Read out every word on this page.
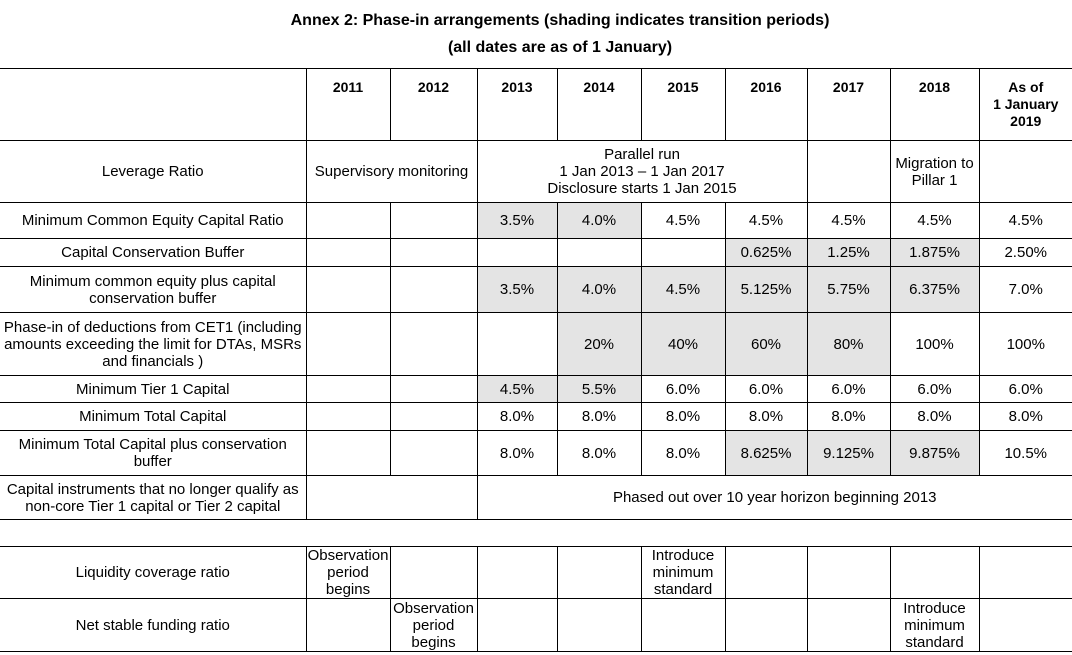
Annex 2: Phase-in arrangements (shading indicates transition periods)
(all dates are as of 1 January)
	2011	2012	2013	2014	2015	2016	2017	2018	As of
1 January
2019

Leverage Ratio	Supervisory monitoring		Parallel run
1 Jan 2013 – 1 Jan 2017
Disclosure starts 1 Jan 2015					Migration to
Pillar 1	

Minimum Common Equity Capital Ratio			3.5%	4.0%	4.5%	4.5%	4.5%	4.5%	4.5%
Capital Conservation Buffer						0.625%	1.25%	1.875%	2.50%
Minimum common equity plus capital conservation buffer			3.5%	4.0%	4.5%	5.125%	5.75%	6.375%	7.0%
Phase-in of deductions from CET1 (including amounts exceeding the limit for DTAs, MSRs and financials )				20%	40%	60%	80%	100%	100%
Minimum Tier 1 Capital			4.5%	5.5%	6.0%	6.0%	6.0%	6.0%	6.0%
Minimum Total Capital			8.0%	8.0%	8.0%	8.0%	8.0%	8.0%	8.0%
Minimum Total Capital plus conservation buffer			8.0%	8.0%	8.0%	8.625%	9.125%	9.875%	10.5%
Capital instruments that no longer qualify as non-core Tier 1 capital or Tier 2 capital			Phased out over 10 year horizon beginning 2013						

Liquidity coverage ratio	Observation
period
begins				Introduce
minimum
standard				

Net stable funding ratio		Observation
period
begins						Introduce
minimum
standard	
